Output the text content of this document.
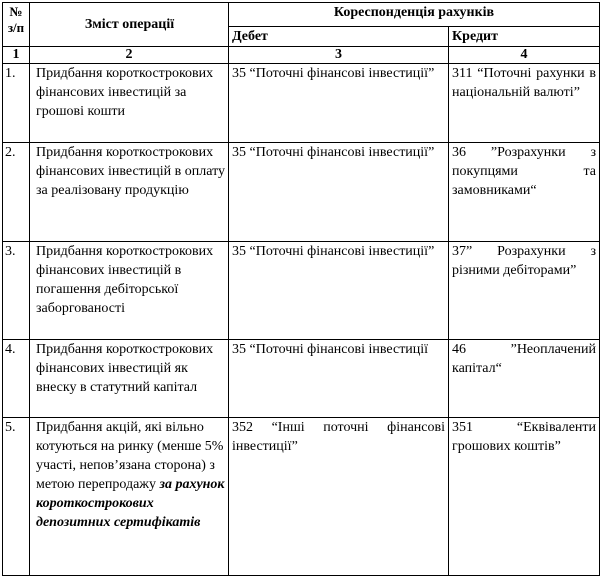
№ з/п	Зміст операції	Кореспонденція рахунків	
		Дебет	Кредит
1	2	3	4
1.	Придбання короткострокових фінансових інвестицій за грошові кошти	35 “Поточні фінансові інвестиції”	311 “Поточні рахунки в національній валюті”
2.	Придбання короткострокових фінансових інвестицій в оплату за реалізовану продукцію	35 “Поточні фінансові інвестиції”	36 ”Розрахунки з покупцями та замовниками“
3.	Придбання короткострокових фінансових інвестицій в погашення дебіторської заборгованості	35 “Поточні фінансові інвестиції”	37” Розрахунки з різними дебіторами”
4.	Придбання короткострокових фінансових інвестицій як внеску в статутний капітал	35 “Поточні фінансові інвестиції	46 ”Неоплачений капітал“
5.	Придбання акцій, які вільно котуються на ринку (менше 5% участі, непов’язана сторона) з метою перепродажу за рахунок короткострокових депозитних сертифікатів	352 “Інші поточні фінансові інвестиції”	351 “Еквіваленти грошових коштів”
